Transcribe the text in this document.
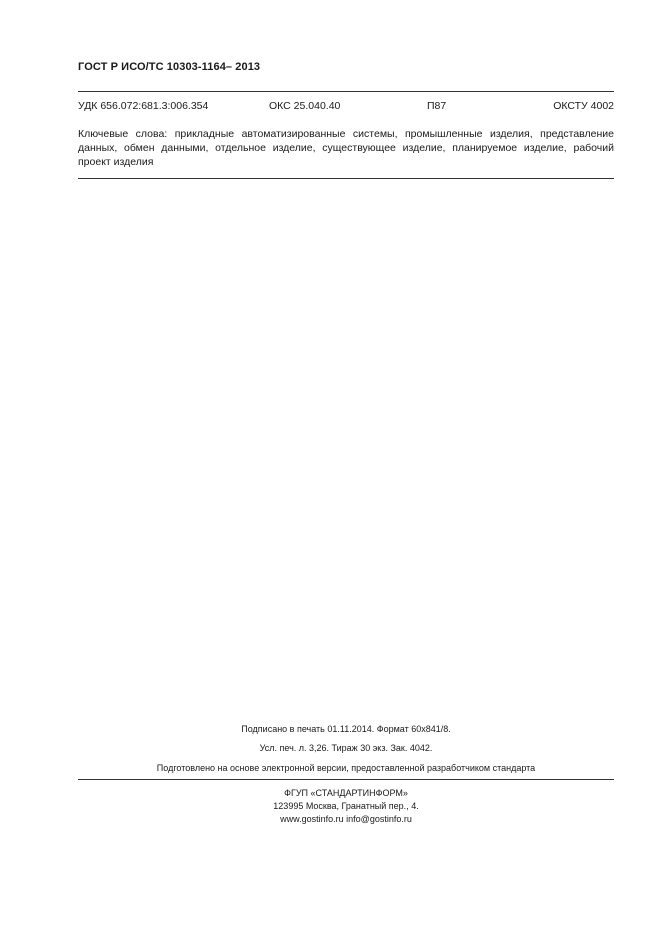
ГОСТ Р ИСО/ТС 10303-1164– 2013
УДК 656.072:681.3:006.354	ОКС 25.040.40	П87	ОКСТУ 4002
Ключевые слова: прикладные автоматизированные системы, промышленные изделия, представление данных, обмен данными, отдельное изделие, существующее изделие, планируемое изделие, рабочий проект изделия
Подписано в печать 01.11.2014. Формат 60х841/8.
Усл. печ. л. 3,26. Тираж 30 экз. Зак. 4042.
Подготовлено на основе электронной версии, предоставленной разработчиком стандарта
ФГУП «СТАНДАРТИНФОРМ»
123995 Москва, Гранатный пер., 4.
www.gostinfo.ru info@gostinfo.ru
